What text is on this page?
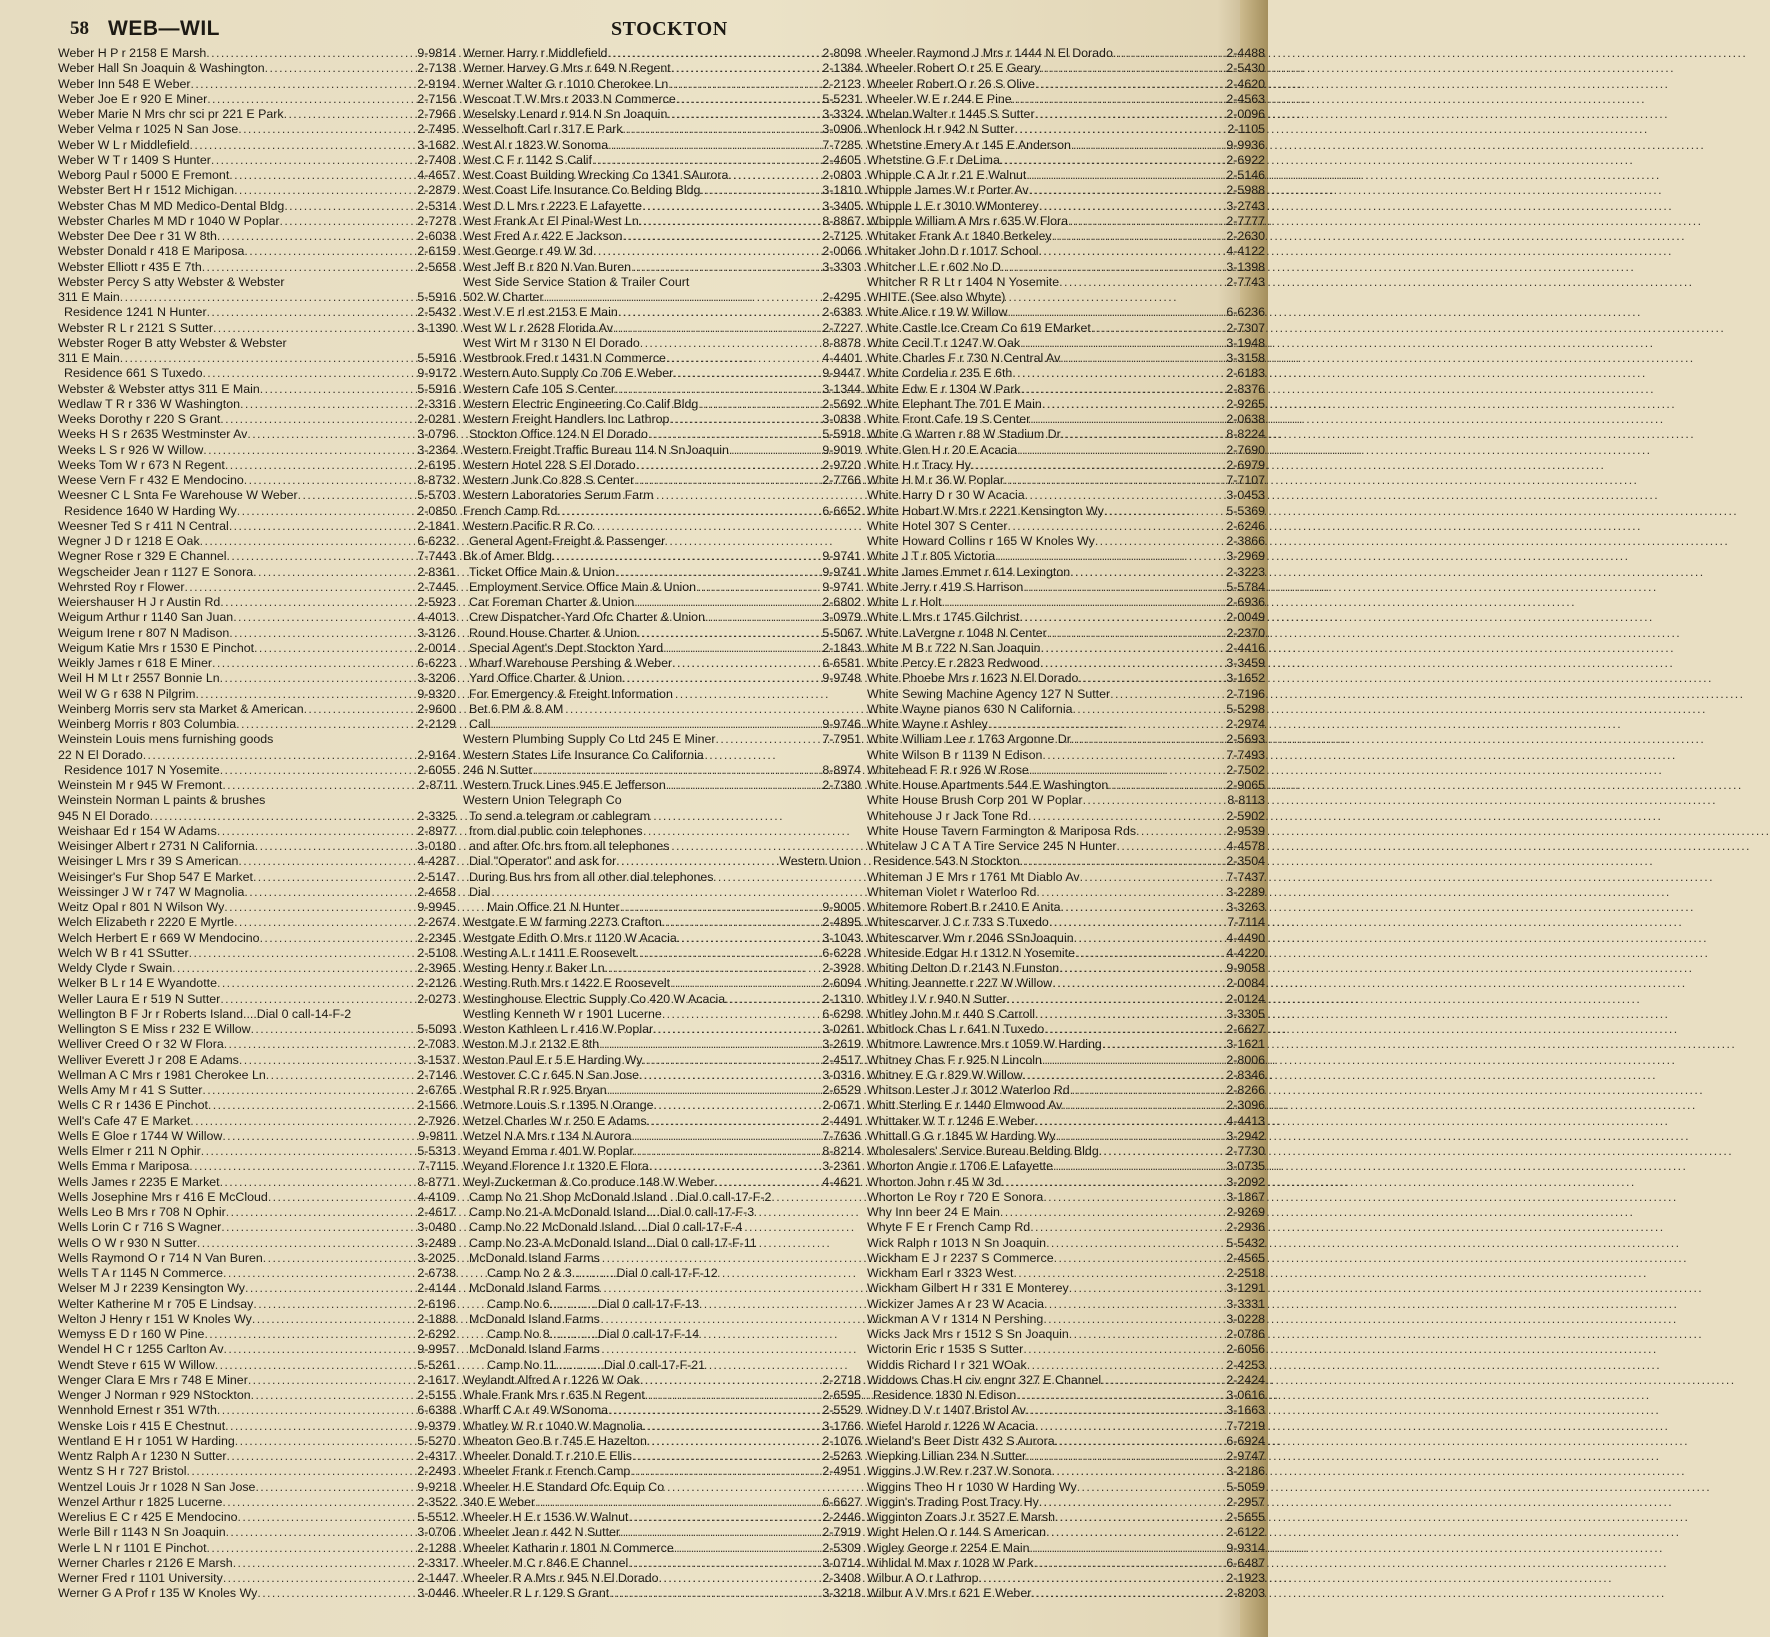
58 WEB—WIL	STOCKTON
Weber H P r 2158 E Marsh .....	9-9814
Weber Hall Sn Joaquin & Washington .....	2-7138
Weber Inn 548 E Weber .....	2-9194
Weber Joe E r 920 E Miner .....	2-7156
Weber Marie N Mrs chr sci pr 221 E Park .....	2-7966
Weber Velma r 1025 N San Jose .....	2-7495
Weber W L r Middlefield .....	3-1682
Weber W T r 1409 S Hunter .....	2-7408
Weborg Paul r 5000 E Fremont .....	4-4657
Webster Bert H r 1512 Michigan .....	2-2879
Webster Chas M MD Medico-Dental Bldg .....	2-5314
Webster Charles M MD r 1040 W Poplar .....	2-7278
Webster Dee Dee r 31 W 8th .....	2-6038
Webster Donald r 418 E Mariposa .....	2-6159
Webster Elliott r 435 E 7th .....	2-5658
Webster Percy S atty Webster & Webster
311 E Main .....	5-5916
Residence 1241 N Hunter .....	2-5432
Webster R L r 2121 S Sutter .....	3-1390
Webster Roger B atty Webster & Webster
311 E Main .....	5-5916
Residence 661 S Tuxedo .....	9-9172
Webster & Webster attys 311 E Main .....	5-5916
Wedlaw T R r 336 W Washington .....	2-3316
Weeks Dorothy r 220 S Grant .....	2-0281
Weeks H S r 2635 Westminster Av .....	3-0796
Weeks L S r 926 W Willow .....	3-2364
Weeks Tom W r 673 N Regent .....	2-6195
Weese Vern F r 432 E Mendocino .....	8-8732
Weesner C L Snta Fe Warehouse W Weber .....	5-5703
Residence 1640 W Harding Wy .....	2-0850
Weesner Ted S r 411 N Central .....	2-1841
Wegner J D r 1218 E Oak .....	6-6232
Wegner Rose r 329 E Channel .....	7-7443
Wegscheider Jean r 1127 E Sonora .....	2-8361
Wehrsted Roy r Flower .....	2-7445
Weiershauser H J r Austin Rd .....	2-5923
Weigum Arthur r 1140 San Juan .....	4-4013
Weigum Irene r 807 N Madison .....	3-3126
Weigum Katie Mrs r 1530 E Pinchot .....	2-0014
Weikly James r 618 E Miner .....	6-6223
Weil H M Lt r 2557 Bonnie Ln .....	3-3206
Weil W G r 638 N Pilgrim .....	9-9320
Weinberg Morris serv sta Market & American .....	2-9600
Weinberg Morris r 803 Columbia .....	2-2129
Weinstein Louis mens furnishing goods
22 N El Dorado .....	2-9164
Residence 1017 N Yosemite .....	2-6055
Weinstein M r 945 W Fremont .....	2-8711
Weinstein Norman L paints & brushes
945 N El Dorado .....	2-3325
Weishaar Ed r 154 W Adams .....	2-8977
Weisinger Albert r 2731 N California .....	3-0180
Weisinger L Mrs r 39 S American .....	4-4287
Weisinger's Fur Shop 547 E Market .....	2-5147
Weissinger J W r 747 W Magnolia .....	2-4658
Weitz Opal r 801 N Wilson Wy .....	9-9945
Welch Elizabeth r 2220 E Myrtle .....	2-2674
Welch Herbert E r 669 W Mendocino .....	2-2345
Welch W B r 41 SSutter .....	2-5108
Weldy Clyde r Swain .....	2-3965
Welker B L r 14 E Wyandotte .....	2-2126
Weller Laura E r 519 N Sutter .....	2-0273
Wellington B F Jr r Roberts Island....Dial 0 call-14-F-2
Wellington S E Miss r 232 E Willow .....	5-5093
Welliver Creed O r 32 W Flora .....	2-7083
Welliver Everett J r 208 E Adams .....	3-1537
Wellman A C Mrs r 1981 Cherokee Ln .....	2-7146
Wells Amy M r 41 S Sutter .....	2-6765
Wells C R r 1436 E Pinchot .....	2-1566
Well's Cafe 47 E Market .....	2-7926
Wells E Gloe r 1744 W Willow .....	9-9811
Wells Elmer r 211 N Ophir .....	5-5313
Wells Emma r Mariposa .....	7-7115
Wells James r 2235 E Market .....	8-8771
Wells Josephine Mrs r 416 E McCloud .....	4-4109
Wells Leo B Mrs r 708 N Ophir .....	2-4617
Wells Lorin C r 716 S Wagner .....	3-0480
Wells O W r 930 N Sutter .....	3-2489
Wells Raymond O r 714 N Van Buren .....	3-2025
Wells T A r 1145 N Commerce .....	2-6738
Welser M J r 2239 Kensington Wy .....	2-4144
Welter Katherine M r 705 E Lindsay .....	2-6196
Welton J Henry r 151 W Knoles Wy .....	2-1888
Wemyss E D r 160 W Pine .....	2-6292
Wendel H C r 1255 Carlton Av .....	9-9957
Wendt Steve r 615 W Willow .....	5-5261
Wenger Clara E Mrs r 748 E Miner .....	2-1617
Wenger J Norman r 929 NStockton .....	2-5155
Wennhold Ernest r 351 W7th .....	6-6388
Wenske Lois r 415 E Chestnut .....	9-9379
Wentland E H r 1051 W Harding .....	5-5270
Wentz Ralph A r 1230 N Sutter .....	2-4317
Wentz S H r 727 Bristol .....	2-2493
Wentzel Louis Jr r 1028 N San Jose .....	9-9218
Wenzel Arthur r 1825 Lucerne .....	2-3522
Werelius E C r 425 E Mendocino .....	5-5512
Werle Bill r 1143 N Sn Joaquin .....	3-0706
Werle L N r 1101 E Pinchot .....	2-1288
Werner Charles r 2126 E Marsh .....	2-3317
Werner Fred r 1101 University .....	2-1447
Werner G A Prof r 135 W Knoles Wy .....	3-0446
Werner Harry r Middlefield .....	2-8098
Werner Harvey G Mrs r 649 N Regent .....	2-1384
Werner Walter G r 1010 Cherokee Ln .....	2-2123
Wescoat T W Mrs r 2033 N Commerce .....	5-5231
Weselsky Lenard r 914 N Sn Joaquin .....	3-3324
Wesselhoft Carl r 317 E Park .....	3-0906
West Al r 1823 W Sonoma .....	7-7285
West C F r 1142 S Calif .....	2-4605
West Coast Building Wrecking Co 1341 SAurora .....	2-0803
West Coast Life Insurance Co Belding Bldg .....	3-1810
West D L Mrs r 2223 E Lafayette .....	3-3405
West Frank A r El Pinal-West Ln .....	8-8867
West Fred A r 422 E Jackson .....	2-7125
West George r 49 W 3d .....	2-0066
West Jeff B r 820 N Van Buren .....	3-3303
West Side Service Station & Trailer Court
502 W Charter .....	2-4295
West V E rl est 2153 E Main .....	2-6383
West W L r 2628 Florida Av .....	2-7227
West Wirt M r 3130 N El Dorado .....	8-8878
Westbrook Fred r 1431 N Commerce .....	4-4401
Western Auto Supply Co 706 E Weber .....	9-9447
Western Cafe 105 S Center .....	3-1344
Western Electric Engineering Co Calif Bldg .....	2-5692
Western Freight Handlers Inc Lathrop .....	3-0838
Stockton Office 124 N El Dorado .....	5-5918
Western Freight Traffic Bureau 114 N SnJoaquin .....	9-9019
Western Hotel 228 S El Dorado .....	2-9720
Western Junk Co 828 S Center .....	2-7766
Western Laboratories Serum Farm
French Camp Rd .....	6-6652
Western Pacific R R Co
General Agent-Freight & Passenger
Bk of Amer Bldg .....	9-9741
Ticket Office Main & Union .....	9-9741
Employment Service Office Main & Union .....	9-9741
Car Foreman Charter & Union .....	2-6802
Crew Dispatcher-Yard Ofc Charter & Union .....	3-0979
Round House Charter & Union .....	5-5067
Special Agent's Dept Stockton Yard .....	2-1843
Wharf Warehouse Pershing & Weber .....	6-6581
Yard Office Charter & Union .....	9-9748
For Emergency & Freight Information
Bet 6 PM & 8 AM
Call .....	9-9746
Western Plumbing Supply Co Ltd 245 E Miner .....	7-7951
Western States Life Insurance Co California
246 N Sutter .....	8-8974
Western Truck Lines 945 E Jefferson .....	2-7380
Western Union Telegraph Co
To send a telegram or cablegram
from dial public coin telephones
and after Ofc hrs from all telephones
Dial "Operator" and ask for .....	Western Union
During Bus hrs from all other dial telephones
Dial
Main Office 21 N Hunter .....	9-9005
Westgate E W farming 2273 Crafton .....	2-4895
Westgate Edith O Mrs r 1120 W Acacia .....	3-1043
Westing A L r 1411 E Roosevelt .....	6-6228
Westing Henry r Baker Ln .....	2-3928
Westing Ruth Mrs r 1422 E Roosevelt .....	2-6094
Westinghouse Electric Supply Co 420 W Acacia .....	2-1310
Westling Kenneth W r 1901 Lucerne .....	6-6298
Weston Kathleen L r 416 W Poplar .....	3-0261
Weston M J r 2132 E 8th .....	3-2619
Weston Paul E r 5 E Harding Wy .....	2-4517
Westover C C r 645 N San Jose .....	3-0316
Westphal R R r 925 Bryan .....	2-6529
Wetmore Louis S r 1395 N Orange .....	2-0671
Wetzel Charles W r 250 E Adams .....	2-4491
Wetzel N A Mrs r 134 N Aurora .....	7-7636
Weyand Emma r 401 W Poplar .....	8-8214
Weyand Florence I r 1320 E Flora .....	3-2361
Weyl-Zuckerman & Co produce 148 W Weber .....	4-4621
Camp No 21 Shop McDonald Island . Dial 0 call-17-F-2
Camp No 21-A McDonald Island....Dial 0 call-17-F-3
Camp No 22 McDonald Island....Dial 0 call-17-F-4
Camp No 23-A McDonald Island...Dial 0 call-17-F-11
McDonald Island Farms
Camp No 2 & 3.............Dial 0 call-17-F-12
McDonald Island Farms
Camp No 6..............Dial 0 call-17-F-13
McDonald Island Farms
Camp No 8..............Dial 0 call-17-F-14
McDonald Island Farms
Camp No 11..............Dial 0 call-17-F-21
Weylandt Alfred A r 1226 W Oak .....	2-2718
Whale Frank Mrs r 635 N Regent .....	2-6595
Wharff C A r 49 WSonoma .....	2-5529
Whatley W R r 1040 W Magnolia .....	3-1766
Wheaton Geo B r 745 E Hazelton .....	2-1076
Wheeler Donald T r 210 E Ellis .....	2-5263
Wheeler Frank r French Camp .....	2-4951
Wheeler H E Standard Ofc Equip Co
340 E Weber .....	6-6627
Wheeler H E r 1536 W Walnut .....	2-2446
Wheeler Jean r 442 N Sutter .....	2-7919
Wheeler Katharin r 1801 N Commerce .....	2-5309
Wheeler M C r 846 E Channel .....	3-0714
Wheeler R A Mrs r 945 N El Dorado .....	2-3408
Wheeler R L r 129 S Grant .....	3-3218
Wheeler Raymond J Mrs r 1444 N El Dorado .....	2-4488
Wheeler Robert O r 25 E Geary .....	2-5430
Wheeler Robert O r 26 S Olive .....	2-4620
Wheeler W E r 244 E Pine .....	2-4563
Whelan Walter r 1445 S Sutter .....	2-0096
Whenlock H r 942 N Sutter .....	2-1105
Whetstine Emery A r 145 E Anderson .....	9-9936
Whetstine G F r DeLima .....	2-6922
Whipple C A Jr r 21 E Walnut .....	2-5146
Whipple James W r Porter Av .....	2-5988
Whipple L E r 3010 WMonterey .....	3-2743
Whipple William A Mrs r 635 W Flora .....	2-7777
Whitaker Frank A r 1840 Berkeley .....	2-2630
Whitaker John D r 1017 School .....	4-4122
Whitcher L E r 602 No D .....	3-1398
Whitcher R R Lt r 1404 N Yosemite .....	2-7743
WHITE (See also Whyte)
White Alice r 19 W Willow .....	6-6236
White Castle Ice Cream Co 619 EMarket .....	2-7307
White Cecil T r 1247 W Oak .....	3-1948
White Charles F r 730 N Central Av .....	3-3158
White Cordelia r 235 E 6th .....	2-6183
White Edw E r 1304 W Park .....	2-8376
White Elephant The 701 E Main .....	2-9265
White Front Cafe 19 S Center .....	2-0638
White G Warren r 88 W Stadium Dr .....	8-8224
White Glen H r 20 E Acacia .....	2-7690
White H r Tracy Hy .....	2-6979
White H M r 36 W Poplar .....	7-7107
White Harry D r 30 W Acacia .....	3-0453
White Hobart W Mrs r 2221 Kensington Wy .....	5-5369
White Hotel 307 S Center .....	2-6246
White Howard Collins r 165 W Knoles Wy .....	2-3866
White J T r 805 Victoria .....	3-2969
White James Emmet r 614 Lexington .....	2-3223
White Jerry r 419 S Harrison .....	5-5784
White L r Holt .....	2-6936
White L Mrs r 1745 Gilchrist .....	2-0049
White LaVergne r 1048 N Center .....	2-2370
White M B r 722 N San Joaquin .....	2-4416
White Percy E r 2823 Redwood .....	3-3459
White Phoebe Mrs r 1623 N El Dorado .....	3-1652
White Sewing Machine Agency 127 N Sutter .....	2-7196
White Wayne pianos 630 N California .....	5-5298
White Wayne r Ashley .....	2-2974
White William Lee r 1763 Argonne Dr .....	2-5693
White Wilson B r 1139 N Edison .....	7-7493
Whitehead F R r 926 W Rose .....	2-7502
White House Apartments 544 E Washington .....	2-9065
White House Brush Corp 201 W Poplar .....	8-8113
Whitehouse J r Jack Tone Rd .....	2-5902
White House Tavern Farmington & Mariposa Rds .....	2-9539
Whitelaw J C A T A Tire Service 245 N Hunter .....	4-4578
Residence 543 N Stockton .....	2-3504
Whiteman J E Mrs r 1761 Mt Diablo Av .....	7-7437
Whiteman Violet r Waterloo Rd .....	3-2289
Whitemore Robert B r 2410 E Anita .....	3-3263
Whitescarver J C r 733 S Tuxedo .....	7-7114
Whitescarver Wm r 2046 SSnJoaquin .....	4-4490
Whiteside Edgar H r 1312 N Yosemite .....	4-4220
Whiting Delton D r 2143 N Funston .....	9-9058
Whiting Jeannette r 227 W Willow .....	2-0084
Whitley I V r 940 N Sutter .....	2-0124
Whitley John M r 440 S Carroll .....	3-3305
Whitlock Chas L r 641 N Tuxedo .....	2-6627
Whitmore Lawrence Mrs r 1059 W Harding .....	3-1621
Whitney Chas F r 925 N Lincoln .....	2-8006
Whitney E G r 829 W Willow .....	2-8346
Whitson Lester J r 3012 Waterloo Rd .....	2-8266
Whitt Sterling E r 1440 Elmwood Av .....	2-3096
Whittaker W T r 1246 E Weber .....	4-4413
Whittall G G r 1845 W Harding Wy .....	3-2942
Wholesalers' Service Bureau Belding Bldg .....	2-7730
Whorton Angie r 1706 E Lafayette .....	3-0735
Whorton John r 45 W 3d .....	3-2092
Whorton Le Roy r 720 E Sonora .....	3-1867
Why Inn beer 24 E Main .....	2-9269
Whyte F E r French Camp Rd .....	2-2936
Wick Ralph r 1013 N Sn Joaquin .....	5-5432
Wickham E J r 2237 S Commerce .....	2-4565
Wickham Earl r 3323 West .....	2-2518
Wickham Gilbert H r 331 E Monterey .....	3-1291
Wickizer James A r 23 W Acacia .....	3-3331
Wickman A V r 1314 N Pershing .....	3-0228
Wicks Jack Mrs r 1512 S Sn Joaquin .....	2-0786
Wictorin Eric r 1535 S Sutter .....	2-6056
Widdis Richard I r 321 WOak .....	2-4253
Widdows Chas H civ engnr 327 E Channel .....	2-2424
Residence 1830 N Edison .....	3-0616
Widney D V r 1407 Bristol Av .....	3-1663
Wiefel Harold r 1226 W Acacia .....	7-7219
Wieland's Beer Distr 432 S Aurora .....	6-6924
Wiepking Lillian 234 N Sutter .....	2-9747
Wiggins J W Rev r 237 W Sonora .....	3-2186
Wiggins Theo H r 1030 W Harding Wy .....	5-5059
Wiggin's Trading Post Tracy Hy .....	2-2957
Wigginton Zoars J r 3527 E Marsh .....	2-5655
Wight Helen O r 144 S American .....	2-6122
Wigley George r 2254 E Main .....	9-9314
Wihlidal M Max r 1028 W Park .....	6-6487
Wilbur A O r Lathrop .....	2-1923
Wilbur A V Mrs r 621 E Weber .....	2-8203
